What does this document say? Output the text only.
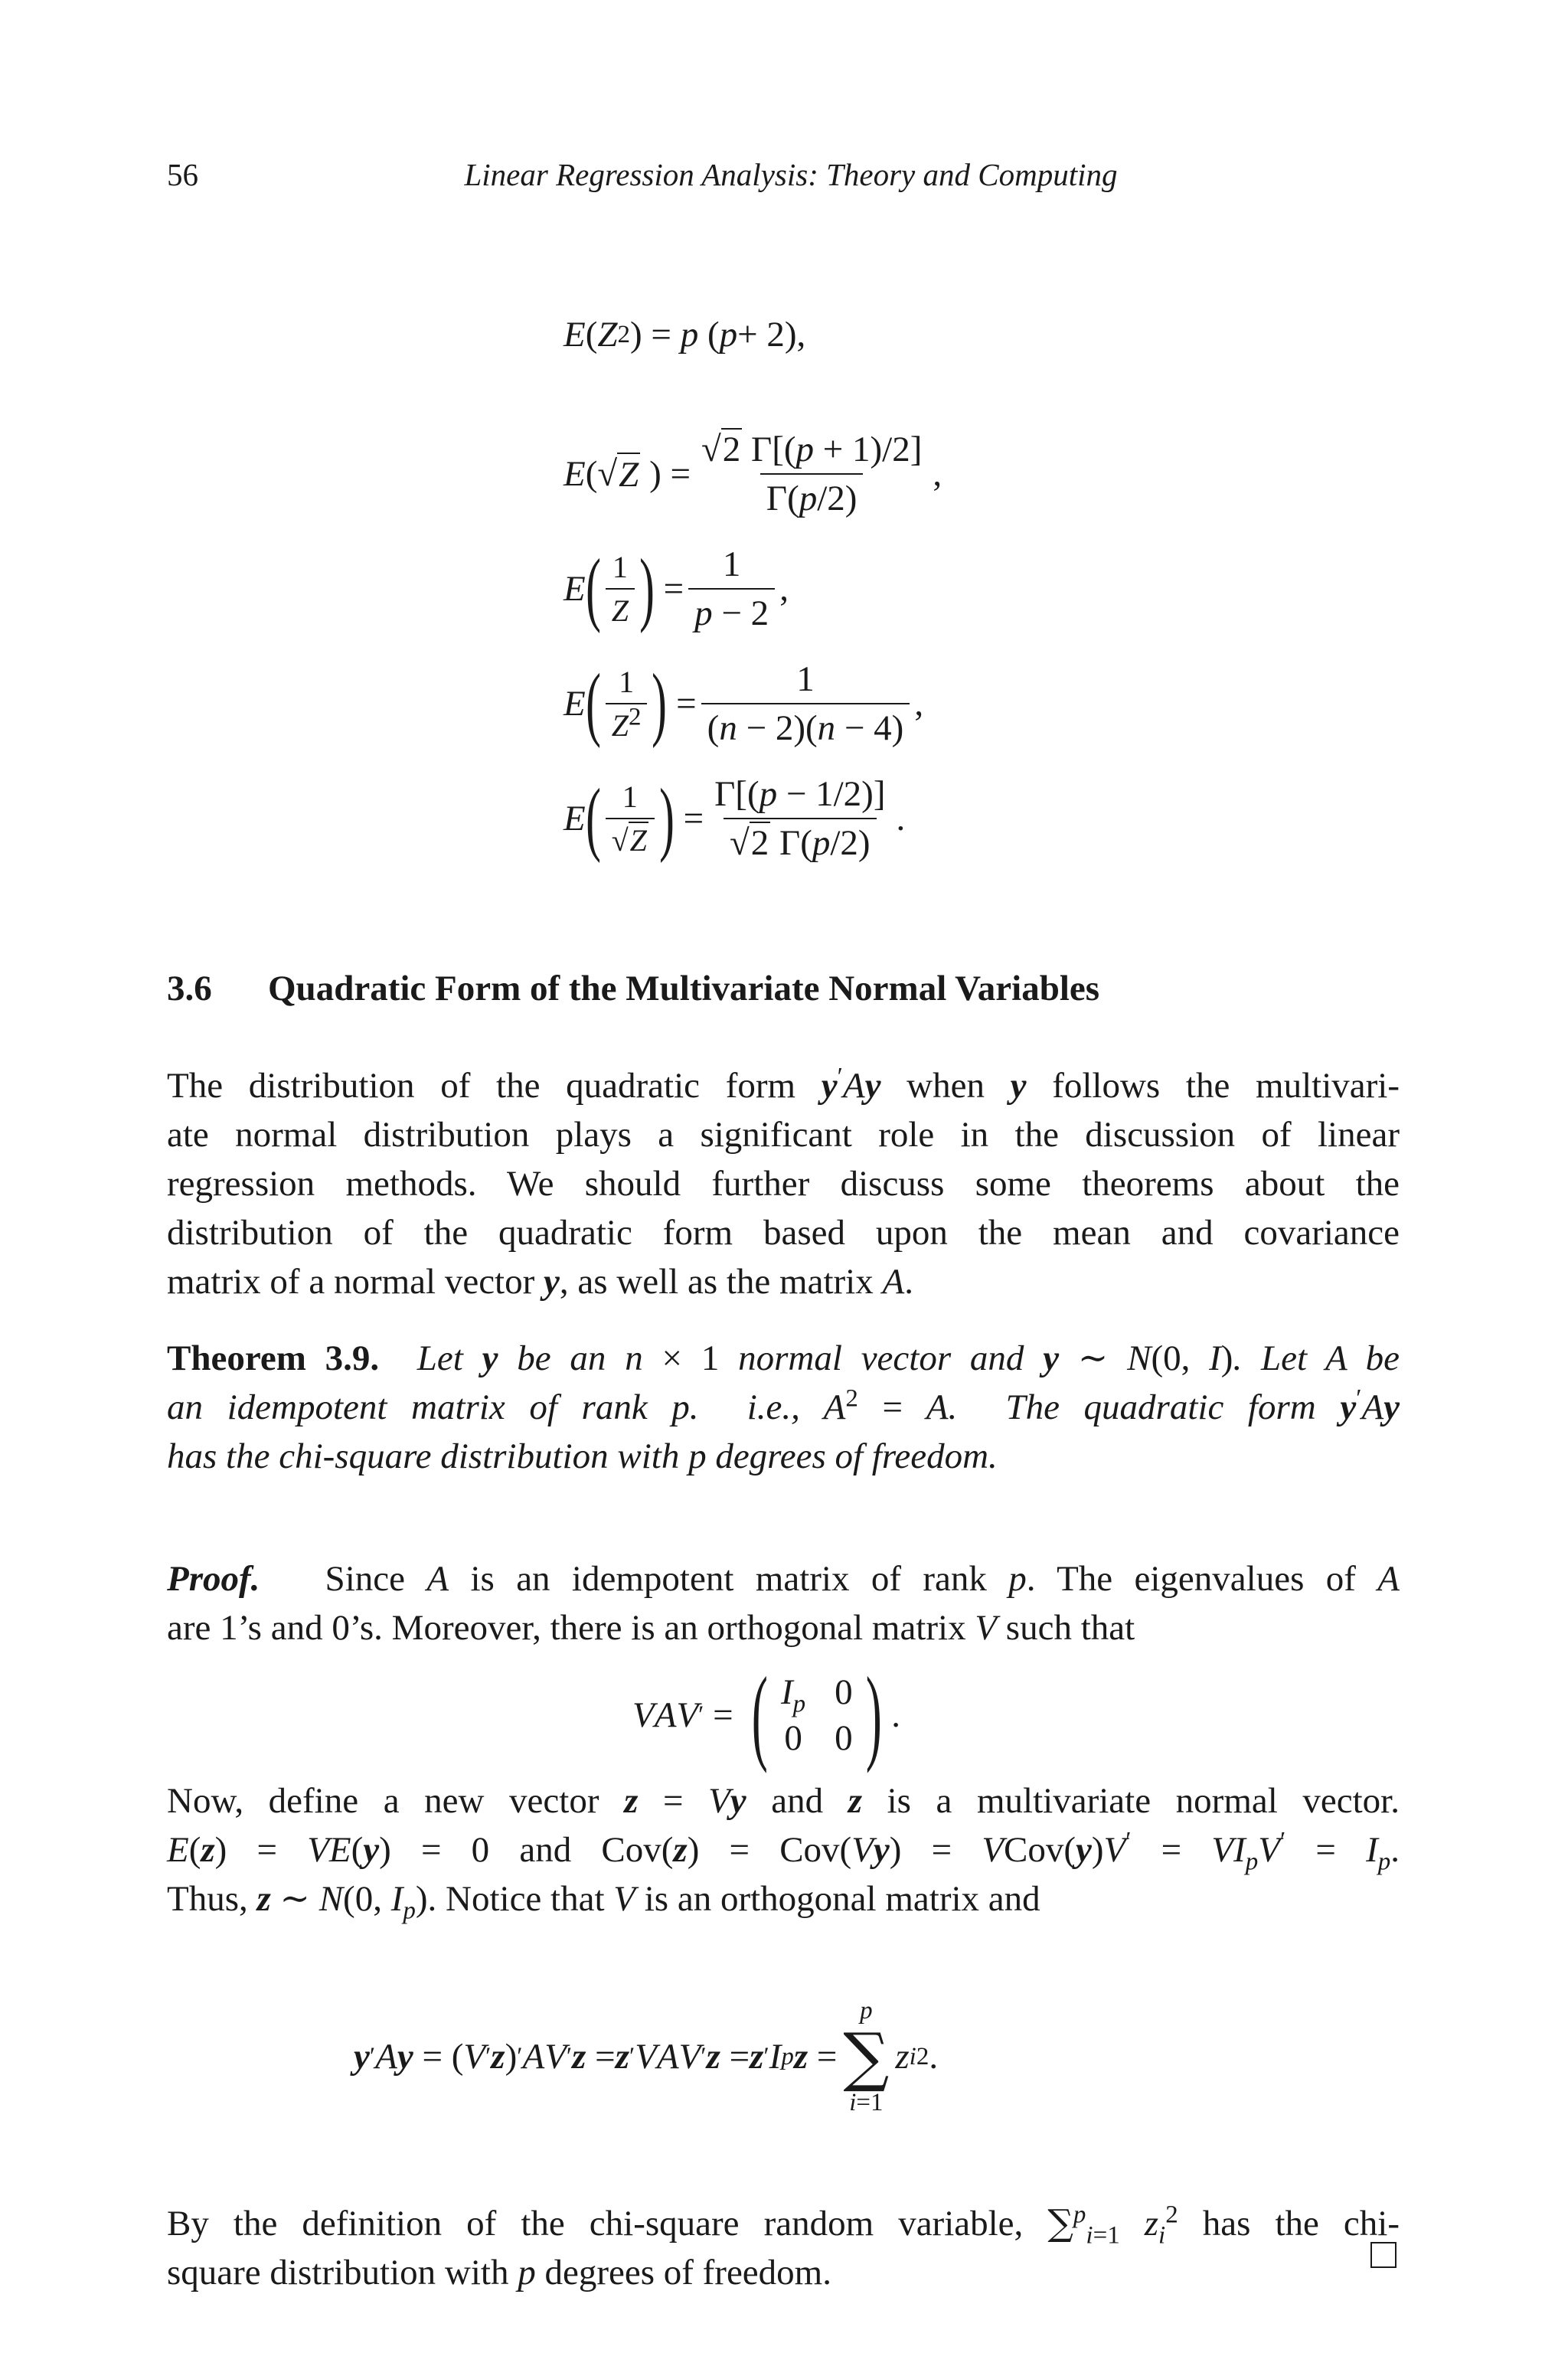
56	Linear Regression Analysis: Theory and Computing
E ( Z 2 ) = p ( p + 2),
E (√ Z ) = $\frac{√2 \Gamma[(p + 1)/2]}{\Gamma(p/2)}$ ,
E ( $\frac{1}{Z}$ ) = $\frac{1}{p - 2}$ ,
E ( $\frac{1}{Z^2}$ ) = $\frac{1}{(n - 2)(n - 4)}$ ,
E ( $\frac{1}{√Z}$ ) = $\frac{\Gamma[(p - 1/2)]}{√2 \Gamma(p/2)}$ .
3.6 Quadratic Form of the Multivariate Normal Variables
The distribution of the quadratic form y′Ay when y follows the multivari-
ate normal distribution plays a significant role in the discussion of linear
regression methods. We should further discuss some theorems about the
distribution of the quadratic form based upon the mean and covariance
matrix of a normal vector y, as well as the matrix A.
Theorem 3.9.  Let y be an n × 1 normal vector and y ∼ N(0, I). Let A be
an idempotent matrix of rank p.  i.e., $A^2 = A$.  The quadratic form y′Ay
has the chi-square distribution with p degrees of freedom.
Proof.   Since A is an idempotent matrix of rank p. The eigenvalues of A
are 1’s and 0’s. Moreover, there is an orthogonal matrix V such that
V A V ′ = ( $I_p$ 0
0 0 ) .
Now, define a new vector z = Vy and z is a multivariate normal vector.
E(z) = VE(y) = 0 and Cov(z) = Cov(Vy) = VCov(y)V′ = $VI_pV' = I_p$.
Thus, z ∼ N(0, $I_p$). Notice that V is an orthogonal matrix and
y ′ A y = ( V ′ z ) ′ A V ′ z = z ′ V A V ′ z = z ′ I p z =
p
∑
i=1
z i 2 .
By the definition of the chi-square random variable, ∑$^p_{i=1}$ $z_i^2$ has the chi-
square distribution with p degrees of freedom.
